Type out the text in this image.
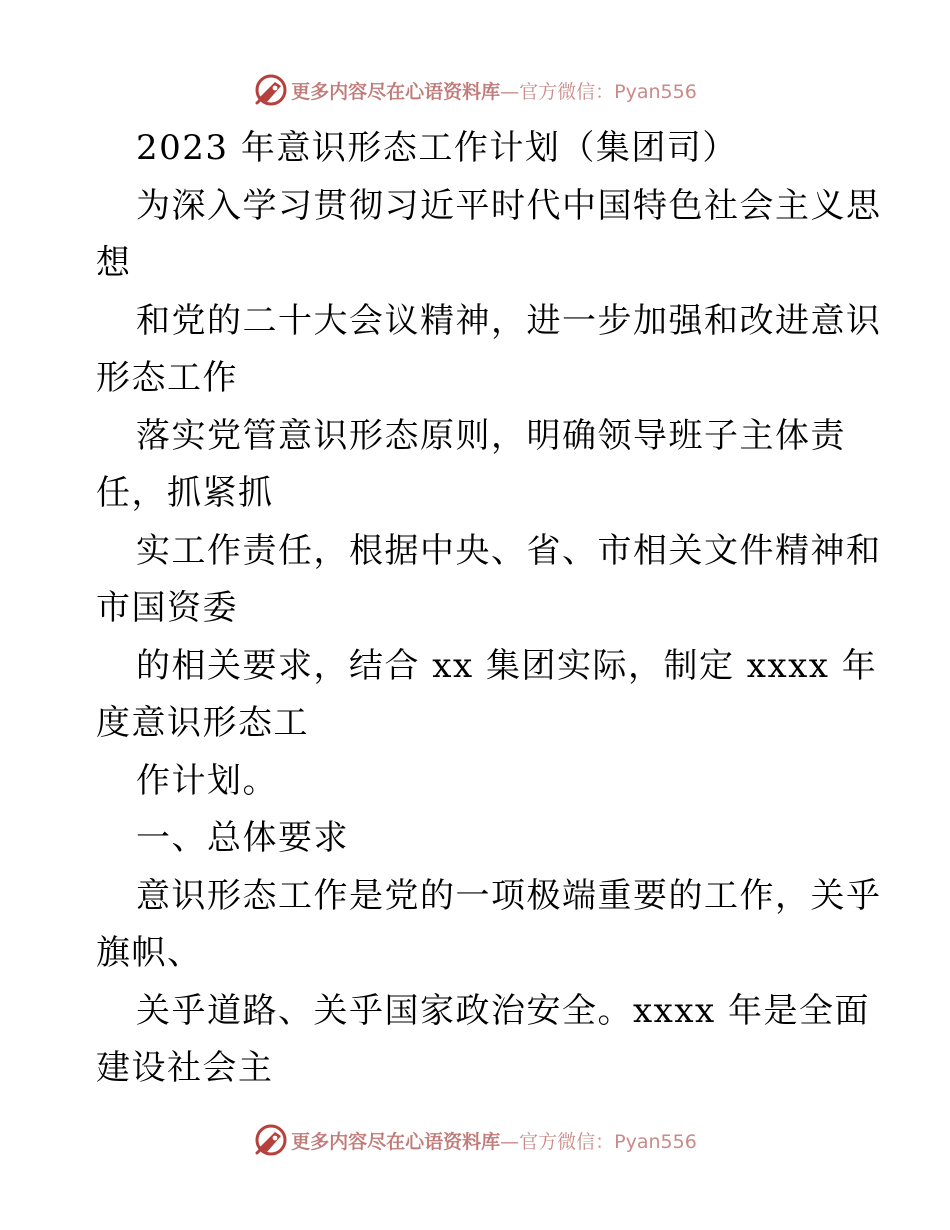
更多内容尽在心语资料库—官方微信：Pyan556
2023 年意识形态工作计划（集团司）
为深入学习贯彻习近平时代中国特色社会主义思
想
和党的二十大会议精神，进一步加强和改进意识
形态工作
落实党管意识形态原则，明确领导班子主体责
任，抓紧抓
实工作责任，根据中央、省、市相关文件精神和
市国资委
的相关要求，结合 xx 集团实际，制定 xxxx 年
度意识形态工
作计划。
一、总体要求
意识形态工作是党的一项极端重要的工作，关乎
旗帜、
关乎道路、关乎国家政治安全。xxxx 年是全面
建设社会主
更多内容尽在心语资料库—官方微信：Pyan556
